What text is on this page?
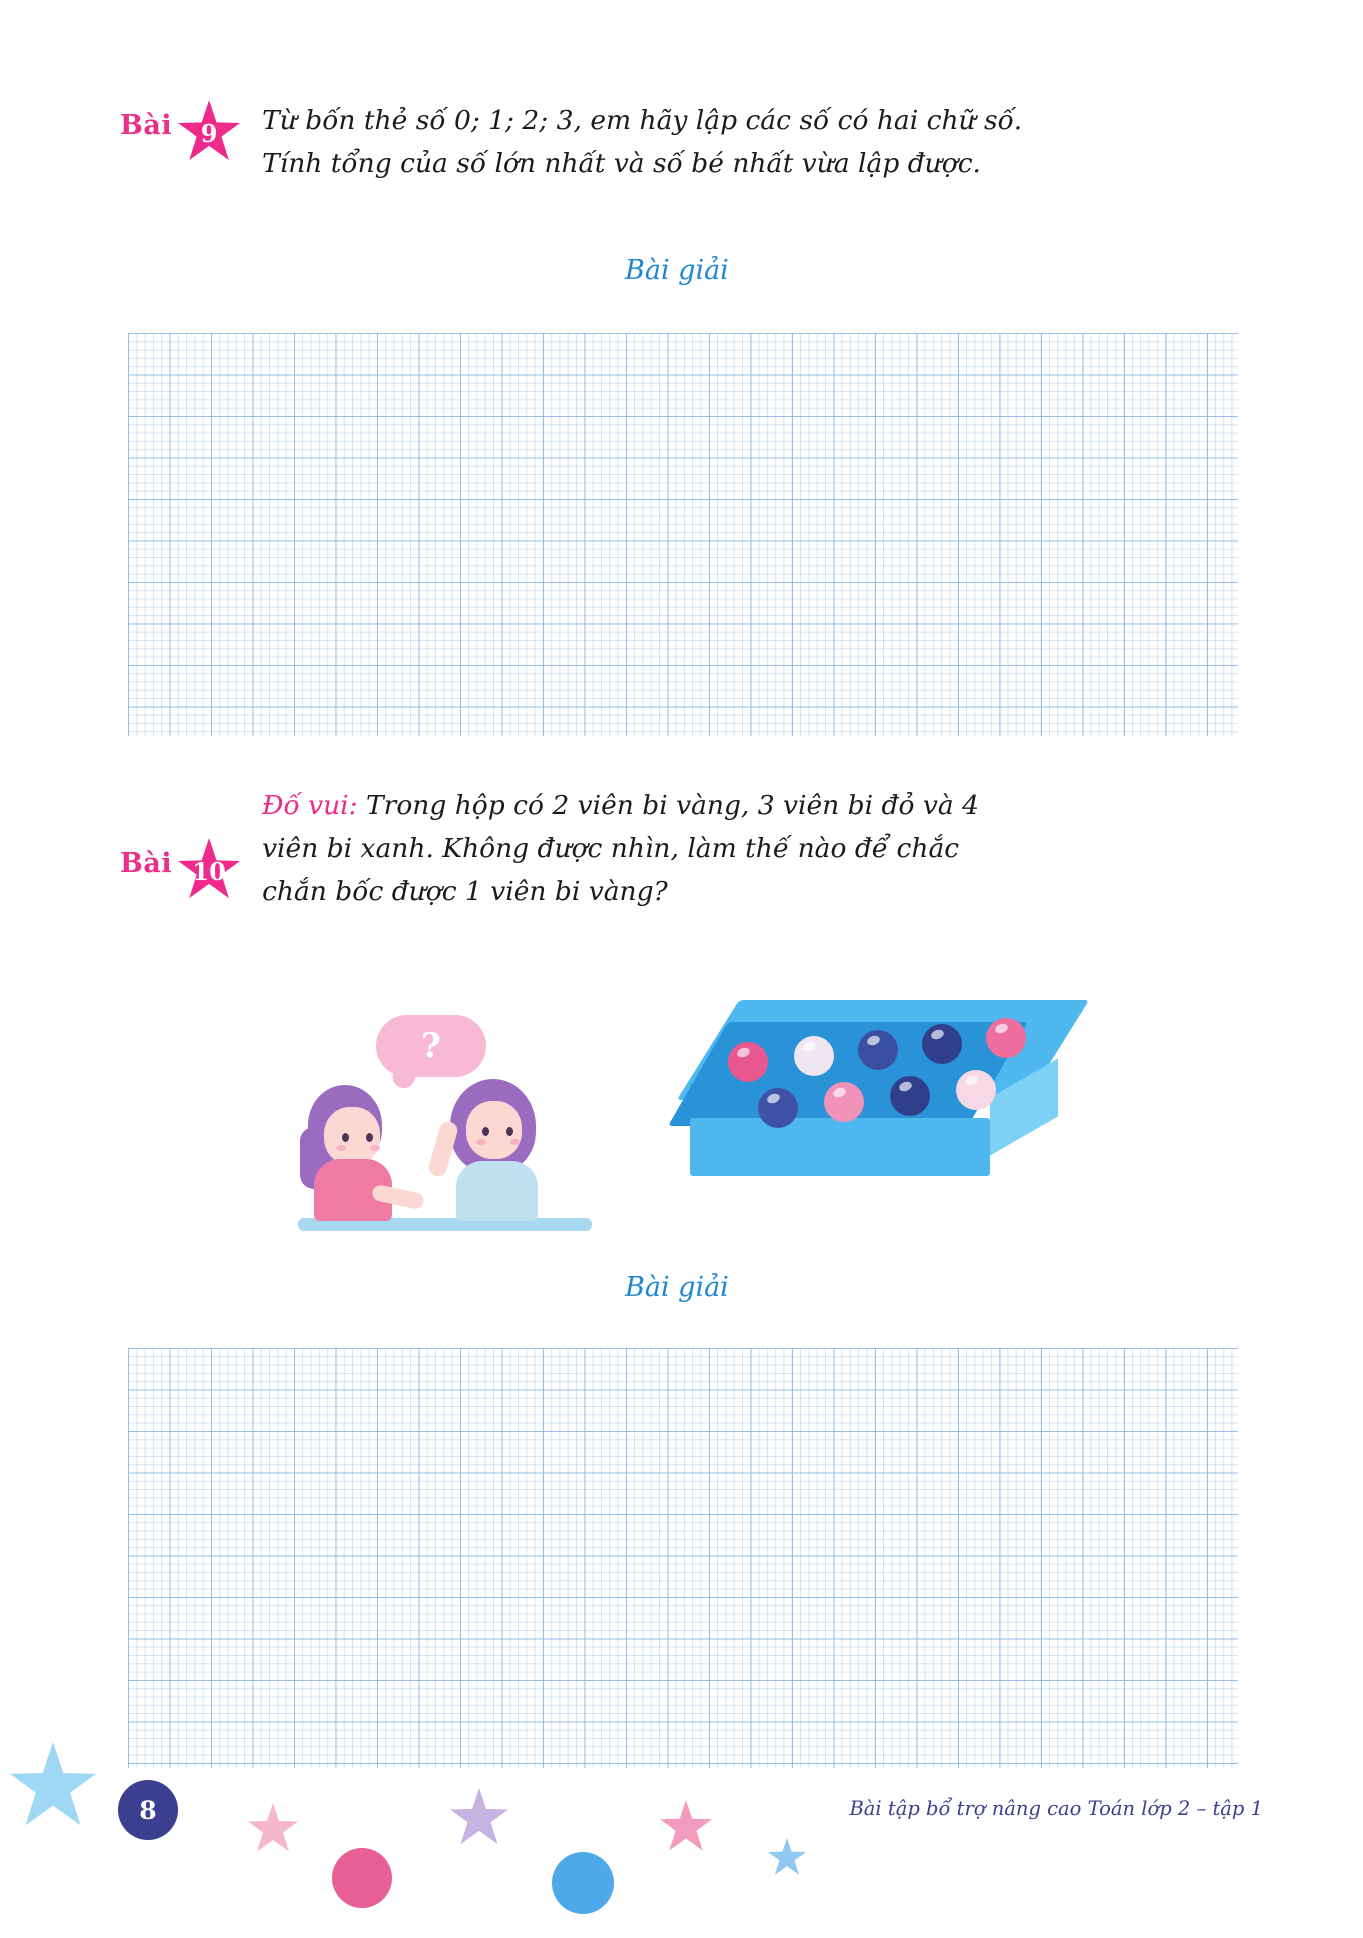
Bài	9	Từ bốn thẻ số 0; 1; 2; 3, em hãy lập các số có hai chữ số.
Tính tổng của số lớn nhất và số bé nhất vừa lập được.
Bài giải
Bài 10
Đố vui: Trong hộp có 2 viên bi vàng, 3 viên bi đỏ và 4
viên bi xanh. Không được nhìn, làm thế nào để chắc
chắn bốc được 1 viên bi vàng?
?
Bài giải
8	Bài tập bổ trợ nâng cao Toán lớp 2 – tập 1
